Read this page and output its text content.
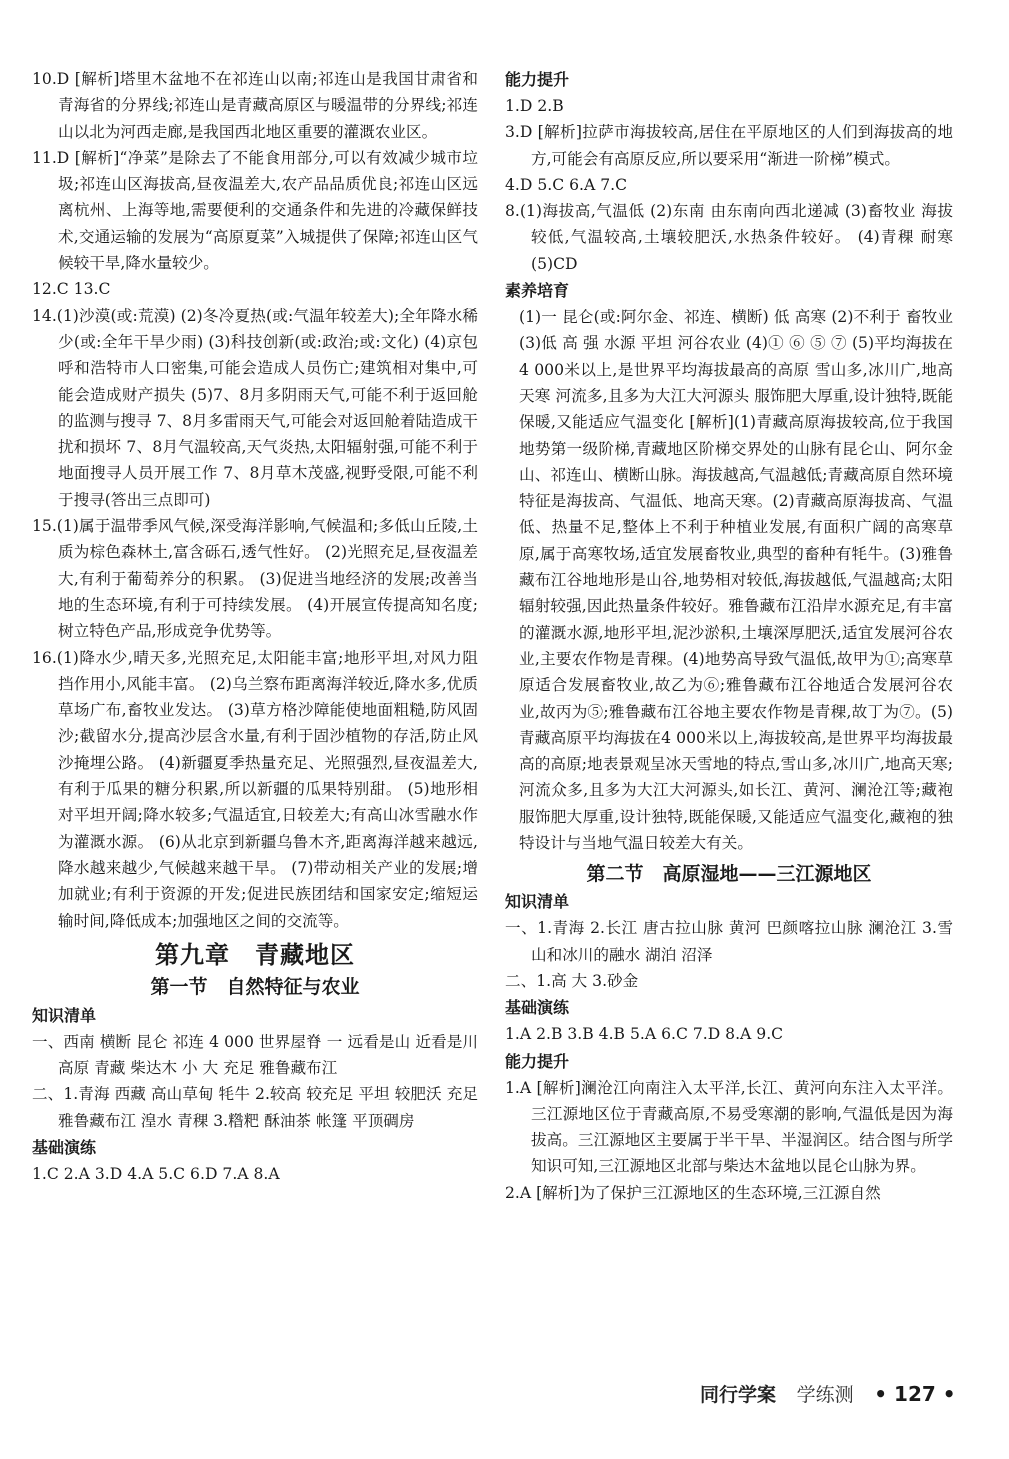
10.D [解析]塔里木盆地不在祁连山以南;祁连山是我国甘肃省和青海省的分界线;祁连山是青藏高原区与暖温带的分界线;祁连山以北为河西走廊,是我国西北地区重要的灌溉农业区。

11.D [解析]“净菜”是除去了不能食用部分,可以有效减少城市垃圾;祁连山区海拔高,昼夜温差大,农产品品质优良;祁连山区远离杭州、上海等地,需要便利的交通条件和先进的冷藏保鲜技术,交通运输的发展为“高原夏菜”入城提供了保障;祁连山区气候较干旱,降水量较少。

12.C 13.C

14.(1)沙漠(或:荒漠) (2)冬冷夏热(或:气温年较差大);全年降水稀少(或:全年干旱少雨) (3)科技创新(或:政治;或:文化) (4)京包 呼和浩特市人口密集,可能会造成人员伤亡;建筑相对集中,可能会造成财产损失 (5)7、8月多阴雨天气,可能不利于返回舱的监测与搜寻 7、8月多雷雨天气,可能会对返回舱着陆造成干扰和损坏 7、8月气温较高,天气炎热,太阳辐射强,可能不利于地面搜寻人员开展工作 7、8月草木茂盛,视野受限,可能不利于搜寻(答出三点即可)

15.(1)属于温带季风气候,深受海洋影响,气候温和;多低山丘陵,土质为棕色森林土,富含砾石,透气性好。 (2)光照充足,昼夜温差大,有利于葡萄养分的积累。 (3)促进当地经济的发展;改善当地的生态环境,有利于可持续发展。 (4)开展宣传提高知名度;树立特色产品,形成竞争优势等。

16.(1)降水少,晴天多,光照充足,太阳能丰富;地形平坦,对风力阻挡作用小,风能丰富。 (2)乌兰察布距离海洋较近,降水多,优质草场广布,畜牧业发达。 (3)草方格沙障能使地面粗糙,防风固沙;截留水分,提高沙层含水量,有利于固沙植物的存活,防止风沙掩埋公路。 (4)新疆夏季热量充足、光照强烈,昼夜温差大,有利于瓜果的糖分积累,所以新疆的瓜果特别甜。 (5)地形相对平坦开阔;降水较多;气温适宜,日较差大;有高山冰雪融水作为灌溉水源。 (6)从北京到新疆乌鲁木齐,距离海洋越来越远,降水越来越少,气候越来越干旱。 (7)带动相关产业的发展;增加就业;有利于资源的开发;促进民族团结和国家安定;缩短运输时间,降低成本;加强地区之间的交流等。

第九章　青藏地区
第一节　自然特征与农业
知识清单

一、西南 横断 昆仑 祁连 4 000 世界屋脊 一 远看是山 近看是川 高原 青藏 柴达木 小 大 充足 雅鲁藏布江

二、1.青海 西藏 高山草甸 牦牛 2.较高 较充足 平坦 较肥沃 充足 雅鲁藏布江 湟水 青稞 3.糌粑 酥油茶 帐篷 平顶碉房

基础演练

1.C 2.A 3.D 4.A 5.C 6.D 7.A 8.A

能力提升

1.D 2.B

3.D [解析]拉萨市海拔较高,居住在平原地区的人们到海拔高的地方,可能会有高原反应,所以要采用“渐进一阶梯”模式。

4.D 5.C 6.A 7.C

8.(1)海拔高,气温低 (2)东南 由东南向西北递减 (3)畜牧业 海拔较低,气温较高,土壤较肥沃,水热条件较好。 (4)青稞 耐寒 (5)CD

素养培育

(1)一 昆仑(或:阿尔金、祁连、横断) 低 高寒 (2)不利于 畜牧业 (3)低 高 强 水源 平坦 河谷农业 (4)① ⑥ ⑤ ⑦ (5)平均海拔在4 000米以上,是世界平均海拔最高的高原 雪山多,冰川广,地高天寒 河流多,且多为大江大河源头 服饰肥大厚重,设计独特,既能保暖,又能适应气温变化 [解析](1)青藏高原海拔较高,位于我国地势第一级阶梯,青藏地区阶梯交界处的山脉有昆仑山、阿尔金山、祁连山、横断山脉。海拔越高,气温越低;青藏高原自然环境特征是海拔高、气温低、地高天寒。(2)青藏高原海拔高、气温低、热量不足,整体上不利于种植业发展,有面积广阔的高寒草原,属于高寒牧场,适宜发展畜牧业,典型的畜种有牦牛。(3)雅鲁藏布江谷地地形是山谷,地势相对较低,海拔越低,气温越高;太阳辐射较强,因此热量条件较好。雅鲁藏布江沿岸水源充足,有丰富的灌溉水源,地形平坦,泥沙淤积,土壤深厚肥沃,适宜发展河谷农业,主要农作物是青稞。(4)地势高导致气温低,故甲为①;高寒草原适合发展畜牧业,故乙为⑥;雅鲁藏布江谷地适合发展河谷农业,故丙为⑤;雅鲁藏布江谷地主要农作物是青稞,故丁为⑦。(5)青藏高原平均海拔在4 000米以上,海拔较高,是世界平均海拔最高的高原;地表景观呈冰天雪地的特点,雪山多,冰川广,地高天寒;河流众多,且多为大江大河源头,如长江、黄河、澜沧江等;藏袍服饰肥大厚重,设计独特,既能保暖,又能适应气温变化,藏袍的独特设计与当地气温日较差大有关。

第二节　高原湿地——三江源地区
知识清单

一、1.青海 2.长江 唐古拉山脉 黄河 巴颜喀拉山脉 澜沧江 3.雪山和冰川的融水 湖泊 沼泽

二、1.高 大 3.砂金

基础演练

1.A 2.B 3.B 4.B 5.A 6.C 7.D 8.A 9.C

能力提升

1.A [解析]澜沧江向南注入太平洋,长江、黄河向东注入太平洋。三江源地区位于青藏高原,不易受寒潮的影响,气温低是因为海拔高。三江源地区主要属于半干旱、半湿润区。结合图与所学知识可知,三江源地区北部与柴达木盆地以昆仑山脉为界。

2.A [解析]为了保护三江源地区的生态环境,三江源自然

同行学案 学练测 • 127 •
